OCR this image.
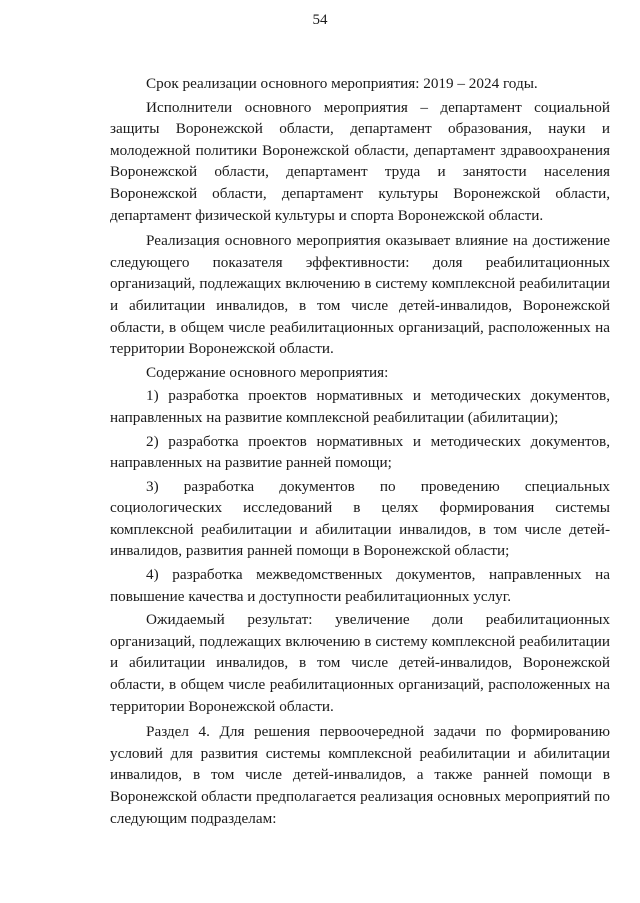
54

Срок реализации основного мероприятия: 2019 – 2024 годы.

Исполнители основного мероприятия – департамент социальной защиты Воронежской области, департамент образования, науки и молодежной политики Воронежской области, департамент здравоохранения Воронежской области, департамент труда и занятости населения Воронежской области, департамент культуры Воронежской области, департамент физической культуры и спорта Воронежской области.

Реализация основного мероприятия оказывает влияние на достижение следующего показателя эффективности: доля реабилитационных организаций, подлежащих включению в систему комплексной реабилитации и абилитации инвалидов, в том числе детей-инвалидов, Воронежской области, в общем числе реабилитационных организаций, расположенных на территории Воронежской области.

Содержание основного мероприятия:

1) разработка проектов нормативных и методических документов, направленных на развитие комплексной реабилитации (абилитации);

2) разработка проектов нормативных и методических документов, направленных на развитие ранней помощи;

3) разработка документов по проведению специальных социологических исследований в целях формирования системы комплексной реабилитации и абилитации инвалидов, в том числе детей-инвалидов, развития ранней помощи в Воронежской области;

4) разработка межведомственных документов, направленных на повышение качества и доступности реабилитационных услуг.

Ожидаемый результат: увеличение доли реабилитационных организаций, подлежащих включению в систему комплексной реабилитации и абилитации инвалидов, в том числе детей-инвалидов, Воронежской области, в общем числе реабилитационных организаций, расположенных на территории Воронежской области.

Раздел 4. Для решения первоочередной задачи по формированию условий для развития системы комплексной реабилитации и абилитации инвалидов, в том числе детей-инвалидов, а также ранней помощи в Воронежской области предполагается реализация основных мероприятий по следующим подразделам:
